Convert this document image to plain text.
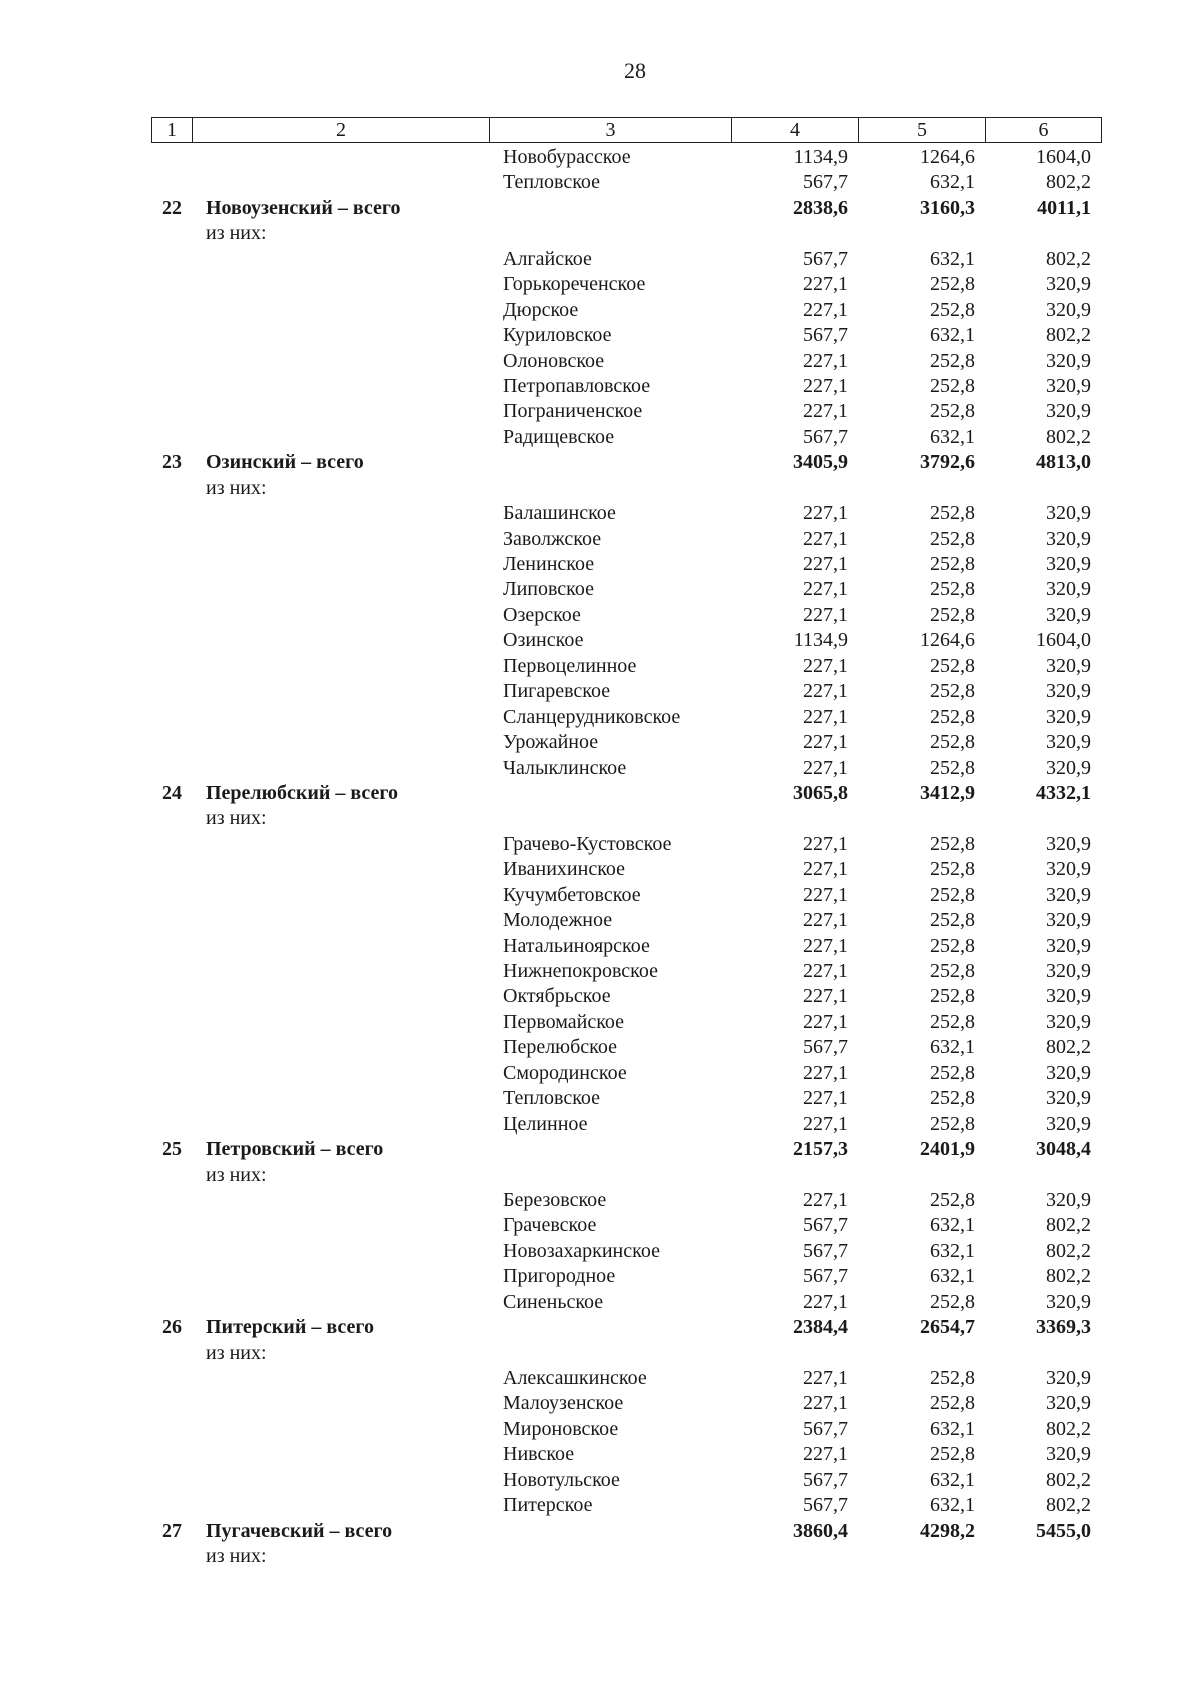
28
1	2	3	4	5	6
Новобурасское	1134,9	1264,6	1604,0
Тепловское	567,7	632,1	802,2
22 Новоузенский – всего	2838,6	3160,3	4011,1
из них:
Алгайское	567,7	632,1	802,2
Горькореченское	227,1	252,8	320,9
Дюрское	227,1	252,8	320,9
Куриловское	567,7	632,1	802,2
Олоновское	227,1	252,8	320,9
Петропавловское	227,1	252,8	320,9
Пограниченское	227,1	252,8	320,9
Радищевское	567,7	632,1	802,2
23 Озинский – всего	3405,9	3792,6	4813,0
из них:
Балашинское	227,1	252,8	320,9
Заволжское	227,1	252,8	320,9
Ленинское	227,1	252,8	320,9
Липовское	227,1	252,8	320,9
Озерское	227,1	252,8	320,9
Озинское	1134,9	1264,6	1604,0
Первоцелинное	227,1	252,8	320,9
Пигаревское	227,1	252,8	320,9
Сланцерудниковское	227,1	252,8	320,9
Урожайное	227,1	252,8	320,9
Чалыклинское	227,1	252,8	320,9
24 Перелюбский – всего	3065,8	3412,9	4332,1
из них:
Грачево-Кустовское	227,1	252,8	320,9
Иванихинское	227,1	252,8	320,9
Кучумбетовское	227,1	252,8	320,9
Молодежное	227,1	252,8	320,9
Натальиноярское	227,1	252,8	320,9
Нижнепокровское	227,1	252,8	320,9
Октябрьское	227,1	252,8	320,9
Первомайское	227,1	252,8	320,9
Перелюбское	567,7	632,1	802,2
Смородинское	227,1	252,8	320,9
Тепловское	227,1	252,8	320,9
Целинное	227,1	252,8	320,9
25 Петровский – всего	2157,3	2401,9	3048,4
из них:
Березовское	227,1	252,8	320,9
Грачевское	567,7	632,1	802,2
Новозахаркинское	567,7	632,1	802,2
Пригородное	567,7	632,1	802,2
Синеньское	227,1	252,8	320,9
26 Питерский – всего	2384,4	2654,7	3369,3
из них:
Алексашкинское	227,1	252,8	320,9
Малоузенское	227,1	252,8	320,9
Мироновское	567,7	632,1	802,2
Нивское	227,1	252,8	320,9
Новотульское	567,7	632,1	802,2
Питерское	567,7	632,1	802,2
27 Пугачевский – всего	3860,4	4298,2	5455,0
из них:
